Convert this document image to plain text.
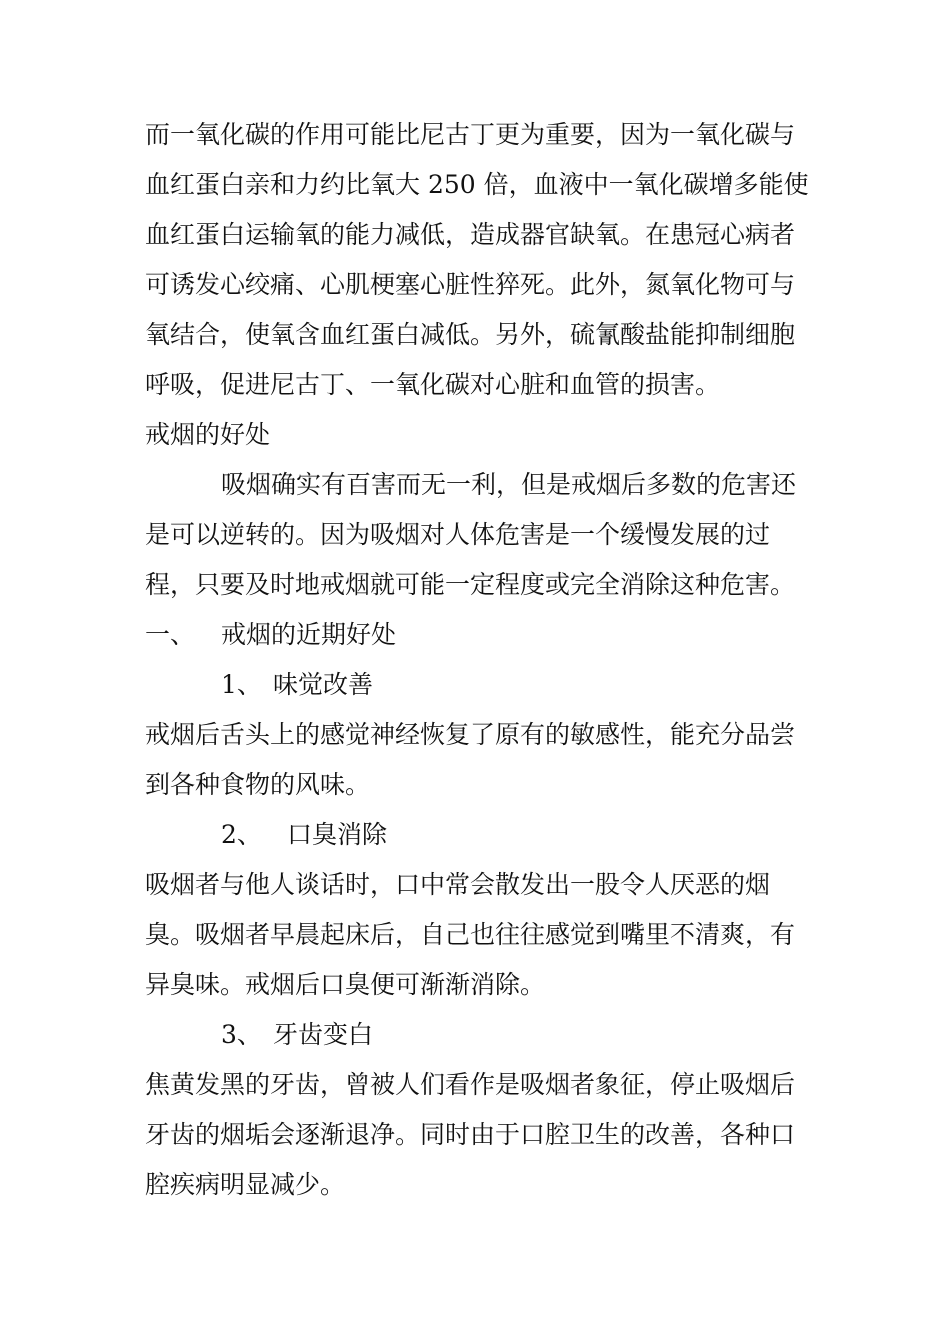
而一氧化碳的作用可能比尼古丁更为重要，因为一氧化碳与
血红蛋白亲和力约比氧大 250 倍，血液中一氧化碳增多能使
血红蛋白运输氧的能力减低，造成器官缺氧。在患冠心病者
可诱发心绞痛、心肌梗塞心脏性猝死。此外，氮氧化物可与
氧结合，使氧含血红蛋白减低。另外，硫氰酸盐能抑制细胞
呼吸，促进尼古丁、一氧化碳对心脏和血管的损害。
戒烟的好处
吸烟确实有百害而无一利，但是戒烟后多数的危害还
是可以逆转的。因为吸烟对人体危害是一个缓慢发展的过
程，只要及时地戒烟就可能一定程度或完全消除这种危害。
一、	戒烟的近期好处
1、 味觉改善
戒烟后舌头上的感觉神经恢复了原有的敏感性，能充分品尝
到各种食物的风味。
2、	口臭消除
吸烟者与他人谈话时，口中常会散发出一股令人厌恶的烟
臭。吸烟者早晨起床后，自己也往往感觉到嘴里不清爽，有
异臭味。戒烟后口臭便可渐渐消除。
3、 牙齿变白
焦黄发黑的牙齿，曾被人们看作是吸烟者象征，停止吸烟后
牙齿的烟垢会逐渐退净。同时由于口腔卫生的改善，各种口
腔疾病明显减少。
